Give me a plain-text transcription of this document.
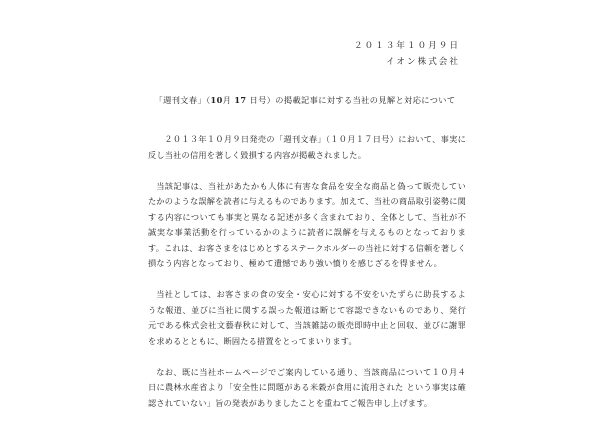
２０１３年１０月９日
イオン株式会社
「週刊文春」（10月 17 日号）の掲載記事に対する当社の見解と対応について

２０１３年１０月９日発売の「週刊文春」（１０月１７日号）において、事実に反し当社の信用を著しく毀損する内容が掲載されました。

当該記事は、当社があたかも人体に有害な食品を安全な商品と偽って販売していたかのような誤解を読者に与えるものであります。加えて、当社の商品取引姿勢に関する内容についても事実と異なる記述が多く含まれており、全体として、当社が不誠実な事業活動を行っているかのように読者に誤解を与えるものとなっております。これは、お客さまをはじめとするステークホルダーの当社に対する信頼を著しく損なう内容となっており、極めて遺憾であり強い憤りを感じざるを得ません。

当社としては、お客さまの食の安全・安心に対する不安をいたずらに助長するような報道、並びに当社に関する誤った報道は断じて容認できないものであり、発行元である株式会社文藝春秋に対して、当該雑誌の販売即時中止と回収、並びに謝罪を求めるとともに、断固たる措置をとってまいります。

なお、既に当社ホームページでご案内している通り、当該商品について１０月４日に農林水産省より「安全性に問題がある米穀が食用に流用された という事実は確認されていない」旨の発表がありましたことを重ねてご報告申し上げます。
